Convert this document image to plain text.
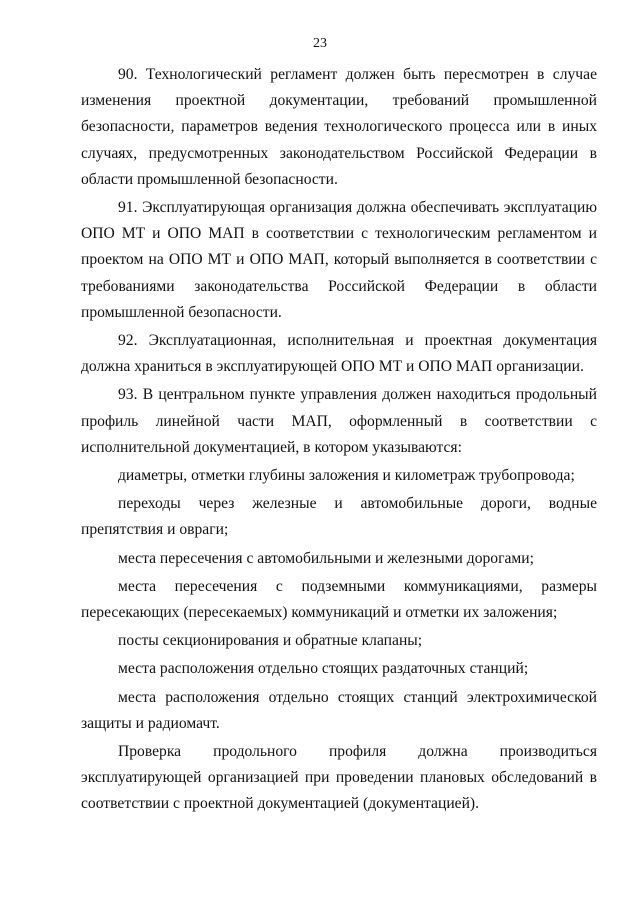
23

90. Технологический регламент должен быть пересмотрен в случае изменения проектной документации, требований промышленной безопасности, параметров ведения технологического процесса или в иных случаях, предусмотренных законодательством Российской Федерации в области промышленной безопасности.

91. Эксплуатирующая организация должна обеспечивать эксплуатацию ОПО МТ и ОПО МАП в соответствии с технологическим регламентом и проектом на ОПО МТ и ОПО МАП, который выполняется в соответствии с требованиями законодательства Российской Федерации в области промышленной безопасности.

92. Эксплуатационная, исполнительная и проектная документация должна храниться в эксплуатирующей ОПО МТ и ОПО МАП организации.

93. В центральном пункте управления должен находиться продольный профиль линейной части МАП, оформленный в соответствии с исполнительной документацией, в котором указываются:

диаметры, отметки глубины заложения и километраж трубопровода;

переходы через железные и автомобильные дороги, водные препятствия и овраги;

места пересечения с автомобильными и железными дорогами;

места пересечения с подземными коммуникациями, размеры пересекающих (пересекаемых) коммуникаций и отметки их заложения;

посты секционирования и обратные клапаны;

места расположения отдельно стоящих раздаточных станций;

места расположения отдельно стоящих станций электрохимической защиты и радиомачт.

Проверка продольного профиля должна производиться эксплуатирующей организацией при проведении плановых обследований в соответствии с проектной документацией (документацией).
